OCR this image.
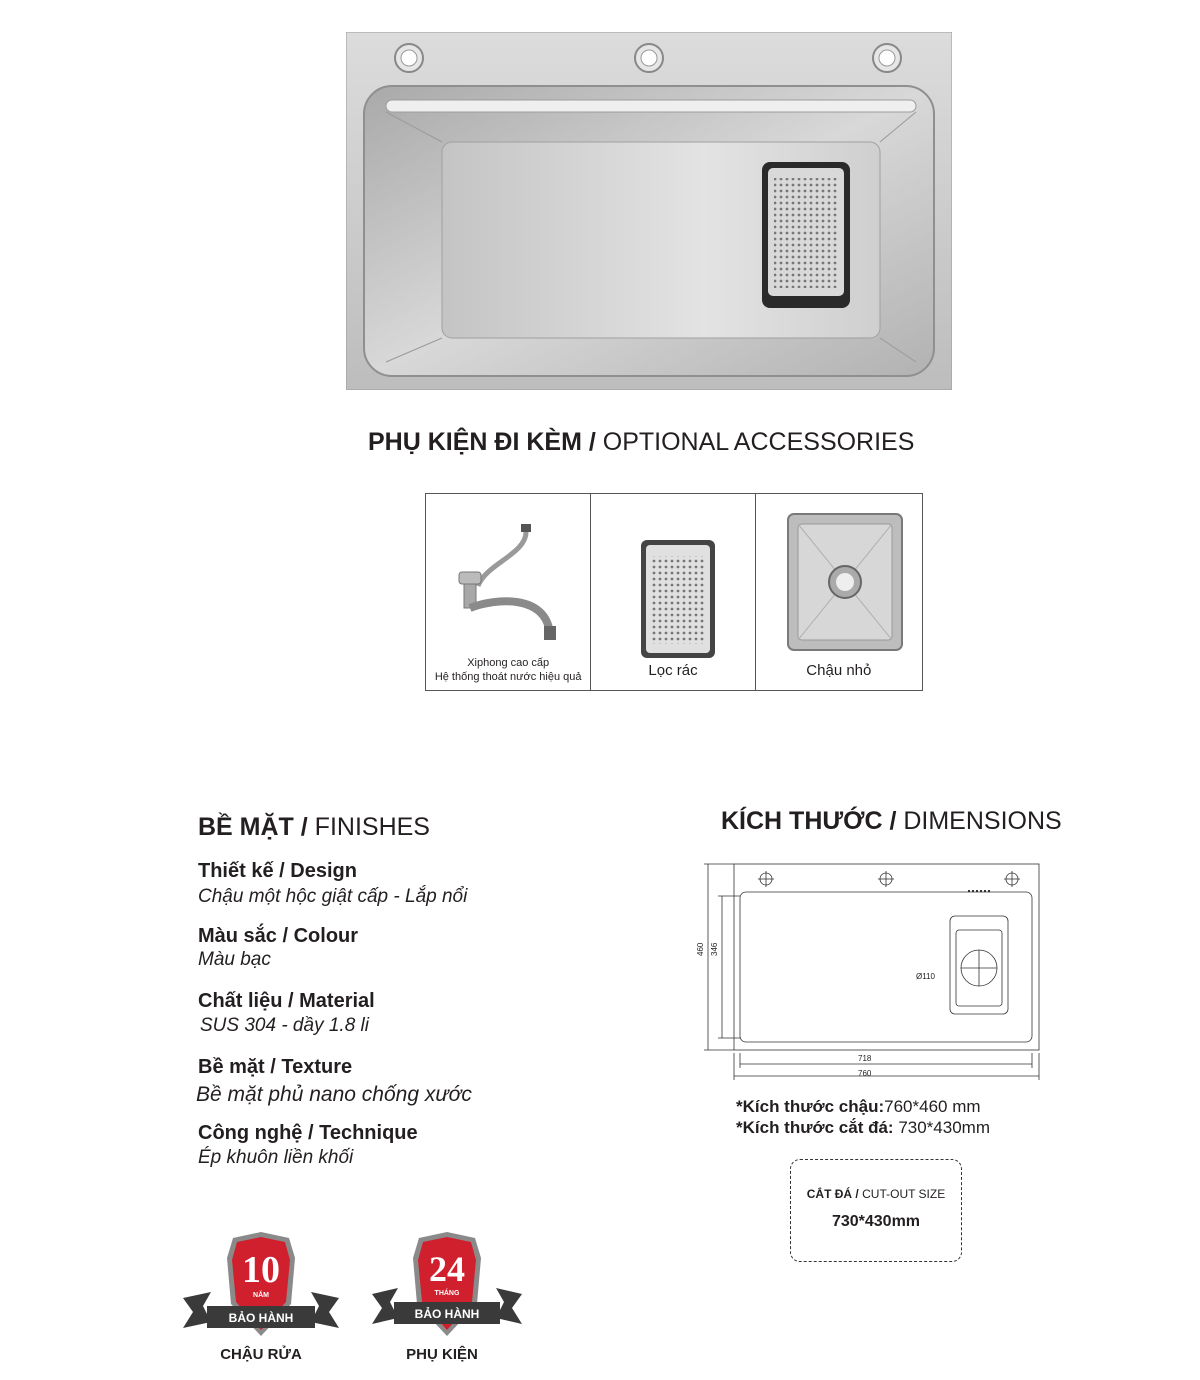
PHỤ KIỆN ĐI KÈM / OPTIONAL ACCESSORIES
Xiphong cao cấp
Hệ thống thoát nước hiệu quả	Lọc rác	Chậu nhỏ
BỀ MẶT / FINISHES
Thiết kế / Design
Chậu một hộc giật cấp - Lắp nổi
Màu sắc / Colour
Màu bạc
Chất liệu / Material
SUS 304 - dầy 1.8 li
Bề mặt / Texture
Bề mặt phủ nano chống xước
Công nghệ / Technique
Ép khuôn liền khối
KÍCH THƯỚC / DIMENSIONS
460 346
Ø110
718
760
*Kích thước chậu:760*460 mm
*Kích thước cắt đá: 730*430mm
CẮT ĐÁ / CUT-OUT SIZE
730*430mm
10
NĂM
BẢO HÀNH
CHẬU RỬA
24
THÁNG
BẢO HÀNH
PHỤ KIỆN
